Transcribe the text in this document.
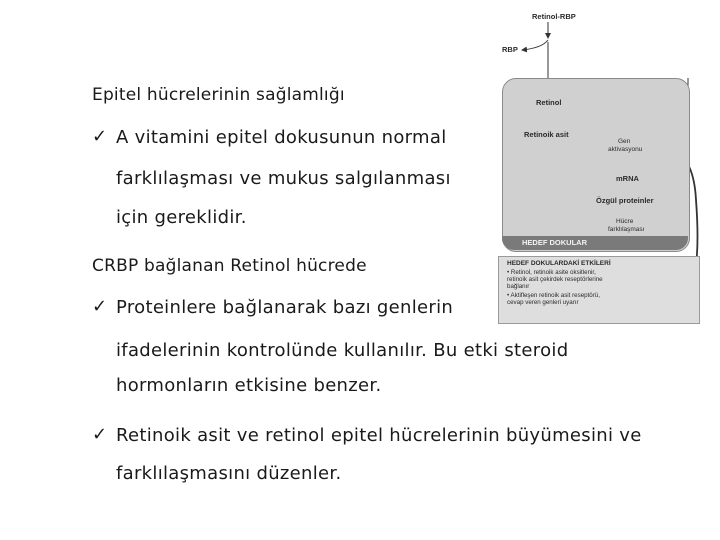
Epitel hücrelerinin sağlamlığı
✓ A vitamini epitel dokusunun normal
farklılaşması ve mukus salgılanması
için gereklidir.
CRBP bağlanan Retinol hücrede
✓ Proteinlere bağlanarak bazı genlerin
ifadelerinin kontrolünde kullanılır. Bu etki steroid
hormonların etkisine benzer.
✓ Retinoik asit ve retinol epitel hücrelerinin büyümesini ve
farklılaşmasını düzenler.
Retinol-RBP
RBP
Retinol
Retinoik asit
Gen
aktivasyonu
mRNA
Özgül proteinler
Hücre
farklılaşması
HEDEF DOKULAR
HEDEF DOKULARDAKİ ETKİLERİ
• Retinol, retinoik asite oksitlenir,
retinoik asit çekirdek reseptörlerine
bağlanır
• Aktifleşen retinoik asit reseptörü,
cevap veren genleri uyarır
